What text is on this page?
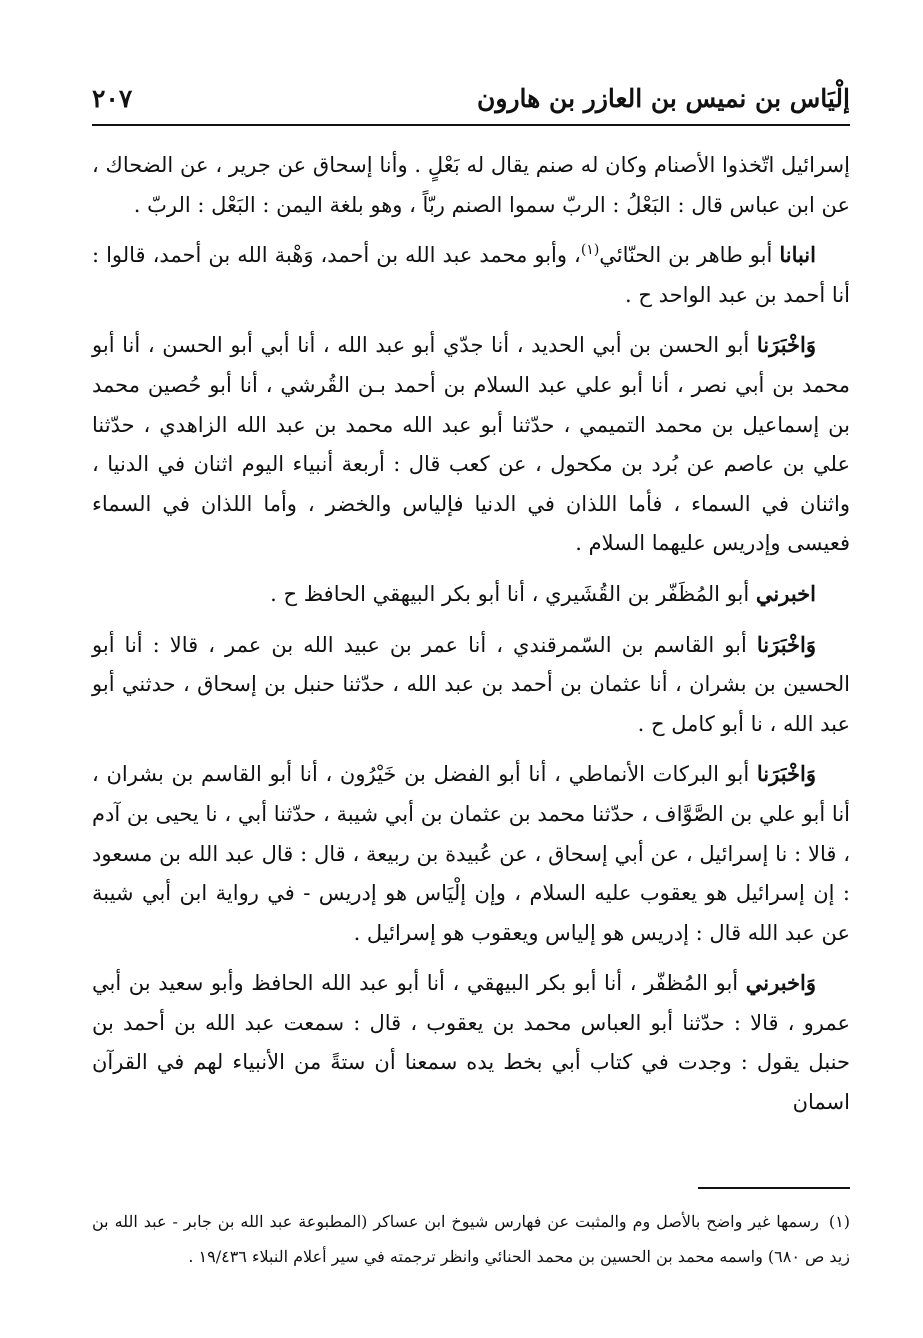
إلْيَاس بن نميس بن العازر بن هارون
٢٠٧

إسرائيل اتّخذوا الأصنام وكان له صنم يقال له بَعْلٍ . وأنا إسحاق عن جرير ، عن الضحاك ، عن ابن عباس قال : البَعْلُ : الربّ سموا الصنم ربّاً ، وهو بلغة اليمن : البَعْل : الربّ .

انبانا أبو طاهر بن الحنّائي$^{(١)}$، وأبو محمد عبد الله بن أحمد، وَهْبة الله بن أحمد، قالوا : أنا أحمد بن عبد الواحد ح .

وَاخْبَرَنا أبو الحسن بن أبي الحديد ، أنا جدّي أبو عبد الله ، أنا أبي أبو الحسن ، أنا أبو محمد بن أبي نصر ، أنا أبو علي عبد السلام بن أحمد بـن القُرشي ، أنا أبو حُصين محمد بن إسماعيل بن محمد التميمي ، حدّثنا أبو عبد الله محمد بن عبد الله الزاهدي ، حدّثنا علي بن عاصم عن بُرد بن مكحول ، عن كعب قال : أربعة أنبياء اليوم اثنان في الدنيا ، واثنان في السماء ، فأما اللذان في الدنيا فإلياس والخضر ، وأما اللذان في السماء فعيسى وإدريس عليهما السلام .

اخبرني أبو المُظَفّر بن القُشَيري ، أنا أبو بكر البيهقي الحافظ ح .

وَاخْبَرَنا أبو القاسم بن السّمرقندي ، أنا عمر بن عبيد الله بن عمر ، قالا : أنا أبو الحسين بن بشران ، أنا عثمان بن أحمد بن عبد الله ، حدّثنا حنبل بن إسحاق ، حدثني أبو عبد الله ، نا أبو كامل ح .

وَاخْبَرَنا أبو البركات الأنماطي ، أنا أبو الفضل بن خَيْرُون ، أنا أبو القاسم بن بشران ، أنا أبو علي بن الصَّوَّاف ، حدّثنا محمد بن عثمان بن أبي شيبة ، حدّثنا أبي ، نا يحيى بن آدم ، قالا : نا إسرائيل ، عن أبي إسحاق ، عن عُبيدة بن ربيعة ، قال : قال عبد الله بن مسعود : إن إسرائيل هو يعقوب عليه السلام ، وإن إلْيَاس هو إدريس - في رواية ابن أبي شيبة عن عبد الله قال : إدريس هو إلياس ويعقوب هو إسرائيل .

وَاخبرني أبو المُظفّر ، أنا أبو بكر البيهقي ، أنا أبو عبد الله الحافظ وأبو سعيد بن أبي عمرو ، قالا : حدّثنا أبو العباس محمد بن يعقوب ، قال : سمعت عبد الله بن أحمد بن حنبل يقول : وجدت في كتاب أبي بخط يده سمعنا أن ستةً من الأنبياء لهم في القرآن اسمان

(١)رسمها غير واضح بالأصل وم والمثبت عن فهارس شيوخ ابن عساكر (المطبوعة عبد الله بن جابر - عبد الله بن زيد ص ٦٨٠) واسمه محمد بن الحسين بن محمد الحنائي وانظر ترجمته في سير أعلام النبلاء ١٩/٤٣٦ .
